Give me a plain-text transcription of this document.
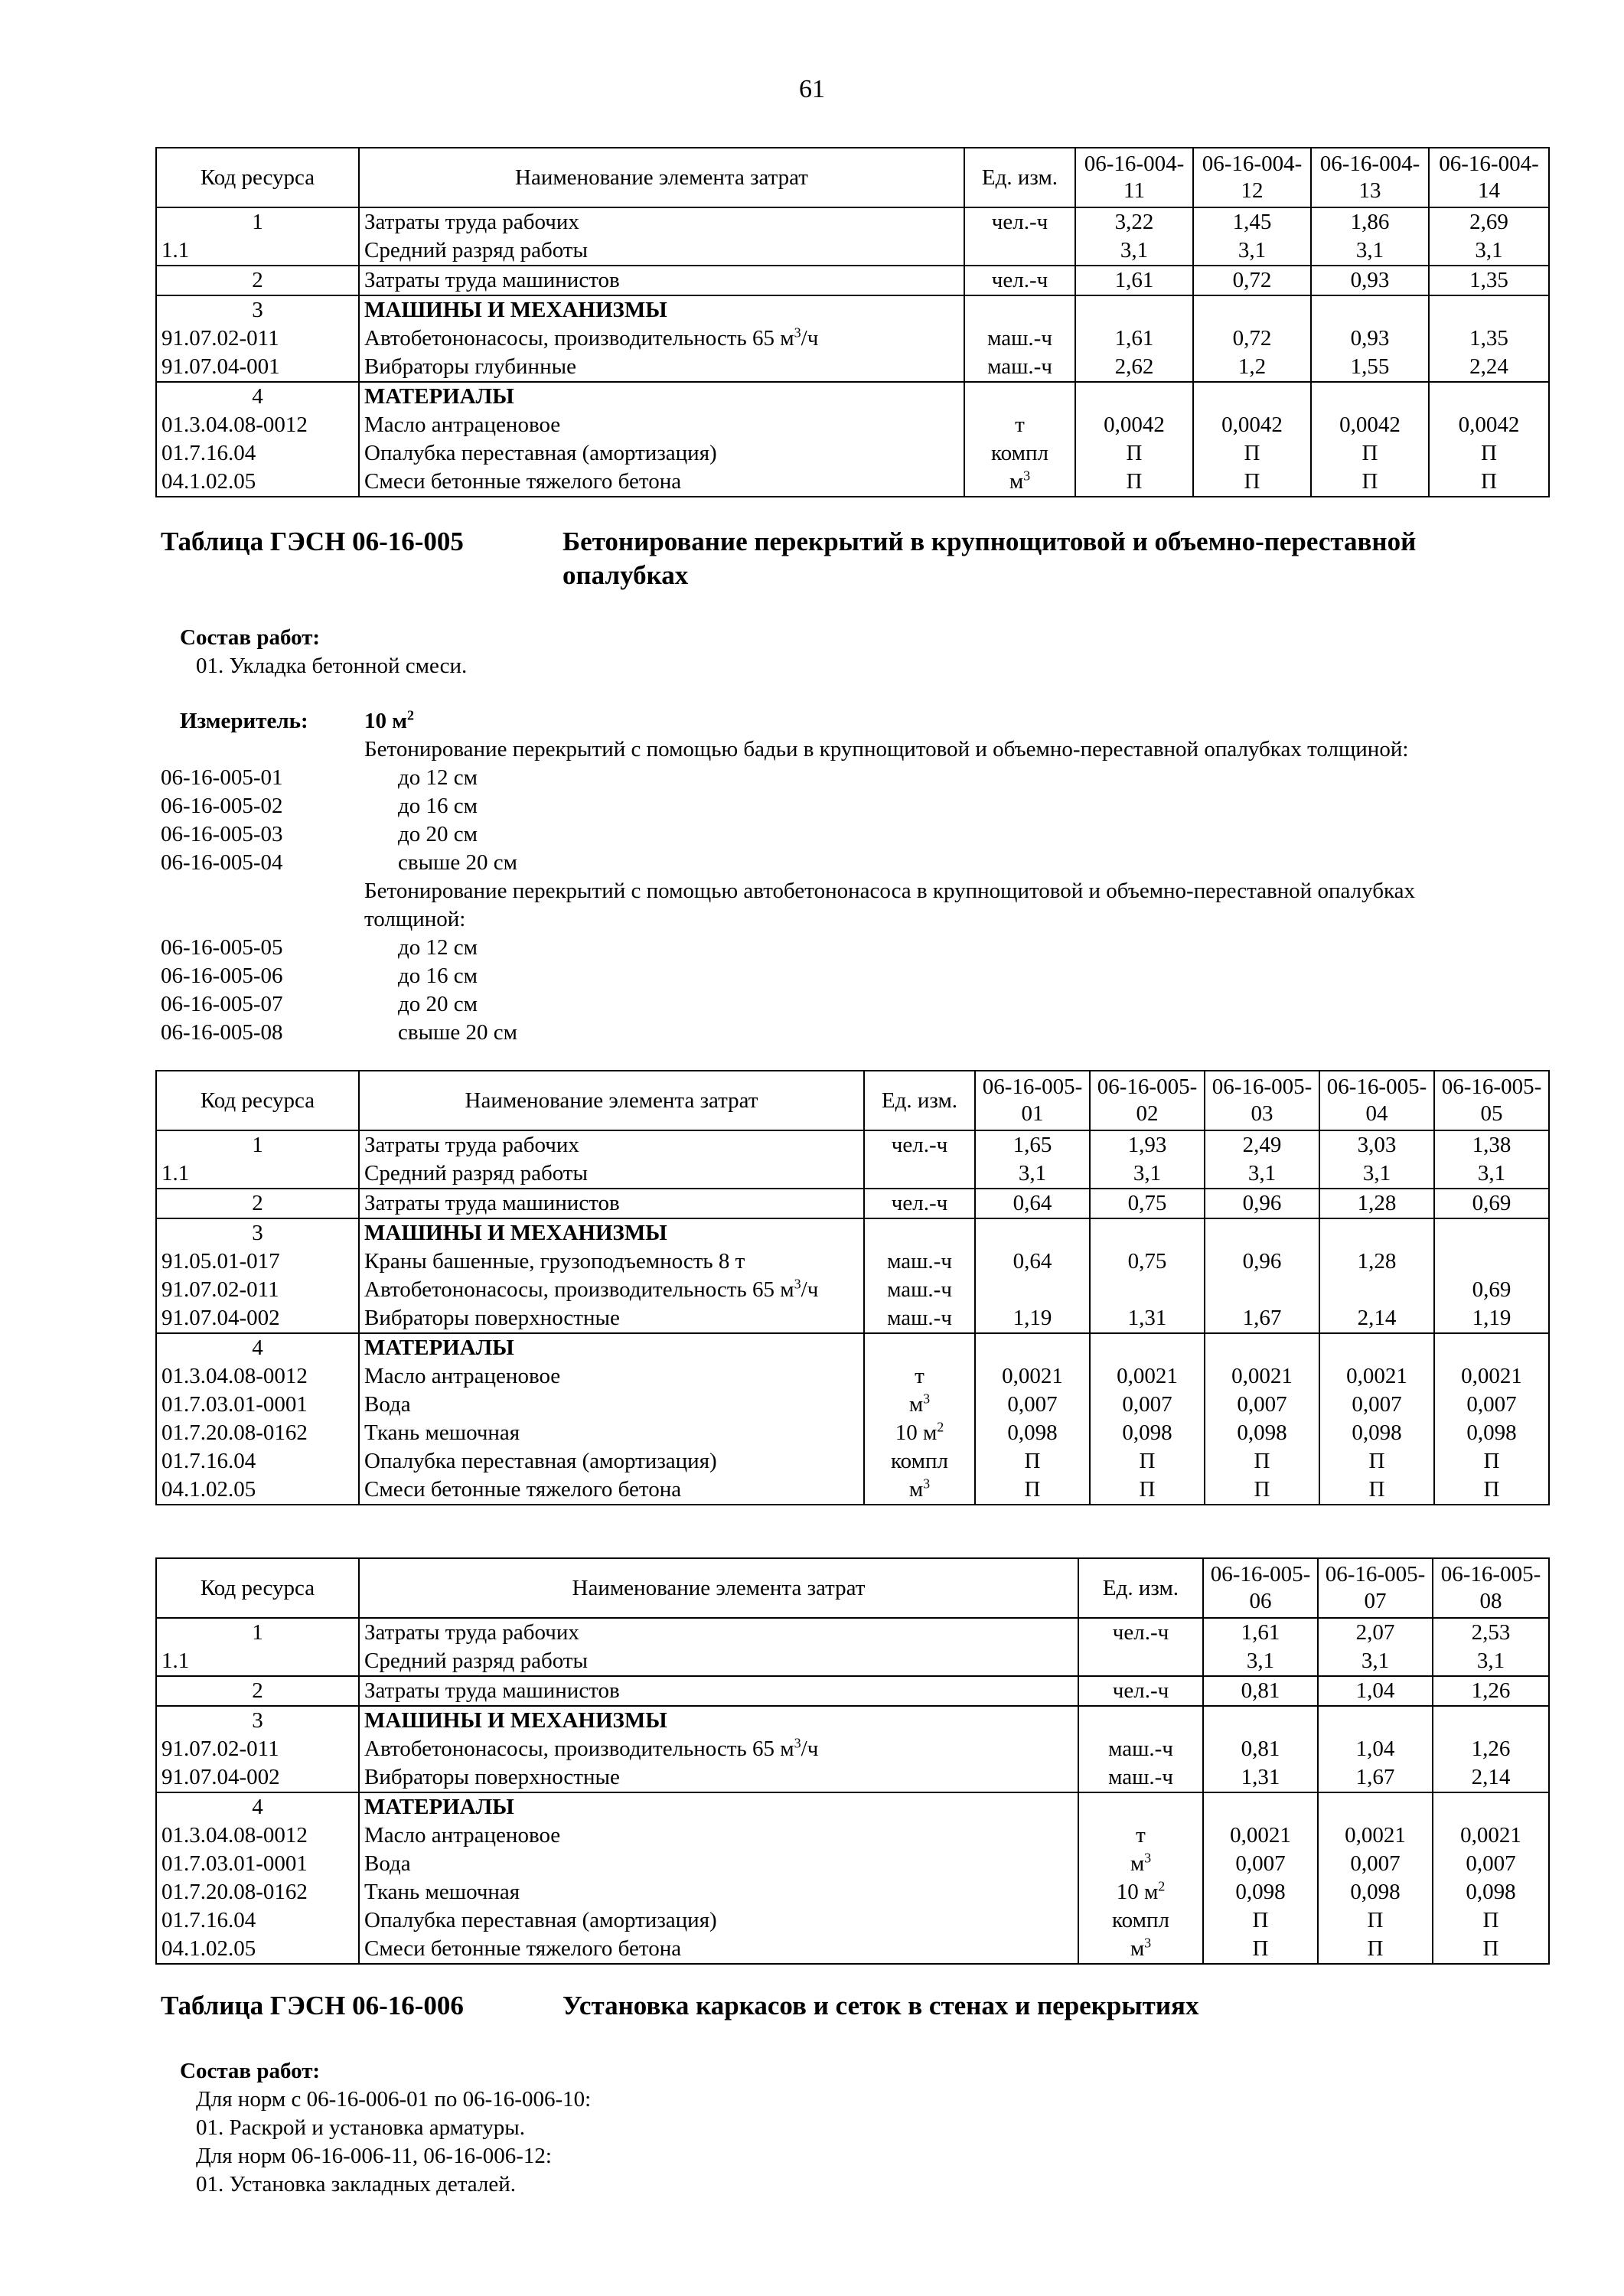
61
Код ресурса	Наименование элемента затрат	Ед. изм.	06-16-004-11	06-16-004-12	06-16-004-13	06-16-004-14
1	Затраты труда рабочих	чел.-ч	3,22	1,45	1,86	2,69
1.1	Средний разряд работы		3,1	3,1	3,1	3,1
2	Затраты труда машинистов	чел.-ч	1,61	0,72	0,93	1,35
3	МАШИНЫ И МЕХАНИЗМЫ					
91.07.02-011	Автобетононасосы, производительность 65 $м^3/ч$	маш.-ч	1,61	0,72	0,93	1,35
91.07.04-001	Вибраторы глубинные	маш.-ч	2,62	1,2	1,55	2,24
4	МАТЕРИАЛЫ					
01.3.04.08-0012	Масло антраценовое	т	0,0042	0,0042	0,0042	0,0042
01.7.16.04	Опалубка переставная (амортизация)	компл	П	П	П	П
04.1.02.05	Смеси бетонные тяжелого бетона	$м^3$	П	П	П	П
Таблица ГЭСН 06-16-005	Бетонирование перекрытий в крупнощитовой и объемно-переставной
опалубках
Состав работ:
01. Укладка бетонной смеси.
Измеритель:	10 $м^2$
Бетонирование перекрытий с помощью бадьи в крупнощитовой и объемно-переставной опалубках толщиной:
06-16-005-01	до 12 см
06-16-005-02	до 16 см
06-16-005-03	до 20 см
06-16-005-04	свыше 20 см
Бетонирование перекрытий с помощью автобетононасоса в крупнощитовой и объемно-переставной опалубках
толщиной:
06-16-005-05	до 12 см
06-16-005-06	до 16 см
06-16-005-07	до 20 см
06-16-005-08	свыше 20 см
Код ресурса	Наименование элемента затрат	Ед. изм.	06-16-005-01	06-16-005-02	06-16-005-03	06-16-005-04	06-16-005-05
1	Затраты труда рабочих	чел.-ч	1,65	1,93	2,49	3,03	1,38
1.1	Средний разряд работы		3,1	3,1	3,1	3,1	3,1
2	Затраты труда машинистов	чел.-ч	0,64	0,75	0,96	1,28	0,69
3	МАШИНЫ И МЕХАНИЗМЫ						
91.05.01-017	Краны башенные, грузоподъемность 8 т	маш.-ч	0,64	0,75	0,96	1,28	
91.07.02-011	Автобетононасосы, производительность 65 $м^3/ч$	маш.-ч					0,69
91.07.04-002	Вибраторы поверхностные	маш.-ч	1,19	1,31	1,67	2,14	1,19
4	МАТЕРИАЛЫ						
01.3.04.08-0012	Масло антраценовое	т	0,0021	0,0021	0,0021	0,0021	0,0021
01.7.03.01-0001	Вода	$м^3$	0,007	0,007	0,007	0,007	0,007
01.7.20.08-0162	Ткань мешочная	10 $м^2$	0,098	0,098	0,098	0,098	0,098
01.7.16.04	Опалубка переставная (амортизация)	компл	П	П	П	П	П
04.1.02.05	Смеси бетонные тяжелого бетона	$м^3$	П	П	П	П	П
Код ресурса	Наименование элемента затрат	Ед. изм.	06-16-005-06	06-16-005-07	06-16-005-08
1	Затраты труда рабочих	чел.-ч	1,61	2,07	2,53
1.1	Средний разряд работы		3,1	3,1	3,1
2	Затраты труда машинистов	чел.-ч	0,81	1,04	1,26
3	МАШИНЫ И МЕХАНИЗМЫ				
91.07.02-011	Автобетононасосы, производительность 65 $м^3/ч$	маш.-ч	0,81	1,04	1,26
91.07.04-002	Вибраторы поверхностные	маш.-ч	1,31	1,67	2,14
4	МАТЕРИАЛЫ				
01.3.04.08-0012	Масло антраценовое	т	0,0021	0,0021	0,0021
01.7.03.01-0001	Вода	$м^3$	0,007	0,007	0,007
01.7.20.08-0162	Ткань мешочная	10 $м^2$	0,098	0,098	0,098
01.7.16.04	Опалубка переставная (амортизация)	компл	П	П	П
04.1.02.05	Смеси бетонные тяжелого бетона	$м^3$	П	П	П
Таблица ГЭСН 06-16-006	Установка каркасов и сеток в стенах и перекрытиях
Состав работ:
Для норм с 06-16-006-01 по 06-16-006-10:
01. Раскрой и установка арматуры.
Для норм 06-16-006-11, 06-16-006-12:
01. Установка закладных деталей.
